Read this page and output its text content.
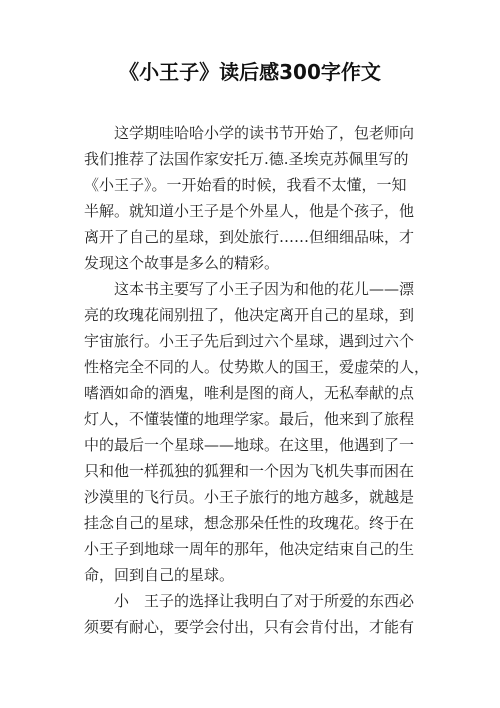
《小王子》读后感300字作文
这学期哇哈哈小学的读书节开始了，包老师向
我们推荐了法国作家安托万.德.圣埃克苏佩里写的
《小王子》。一开始看的时候，我看不太懂，一知
半解。就知道小王子是个外星人，他是个孩子，他
离开了自己的星球，到处旅行……但细细品味，才
发现这个故事是多么的精彩。
这本书主要写了小王子因为和他的花儿——漂
亮的玫瑰花闹别扭了，他决定离开自己的星球，到
宇宙旅行。小王子先后到过六个星球，遇到过六个
性格完全不同的人。仗势欺人的国王，爱虚荣的人，
嗜酒如命的酒鬼，唯利是图的商人，无私奉献的点
灯人，不懂装懂的地理学家。最后，他来到了旅程
中的最后一个星球——地球。在这里，他遇到了一
只和他一样孤独的狐狸和一个因为飞机失事而困在
沙漠里的飞行员。小王子旅行的地方越多，就越是
挂念自己的星球，想念那朵任性的玫瑰花。终于在
小王子到地球一周年的那年，他决定结束自己的生
命，回到自己的星球。
小　王子的选择让我明白了对于所爱的东西必
须要有耐心，要学会付出，只有会肯付出，才能有
